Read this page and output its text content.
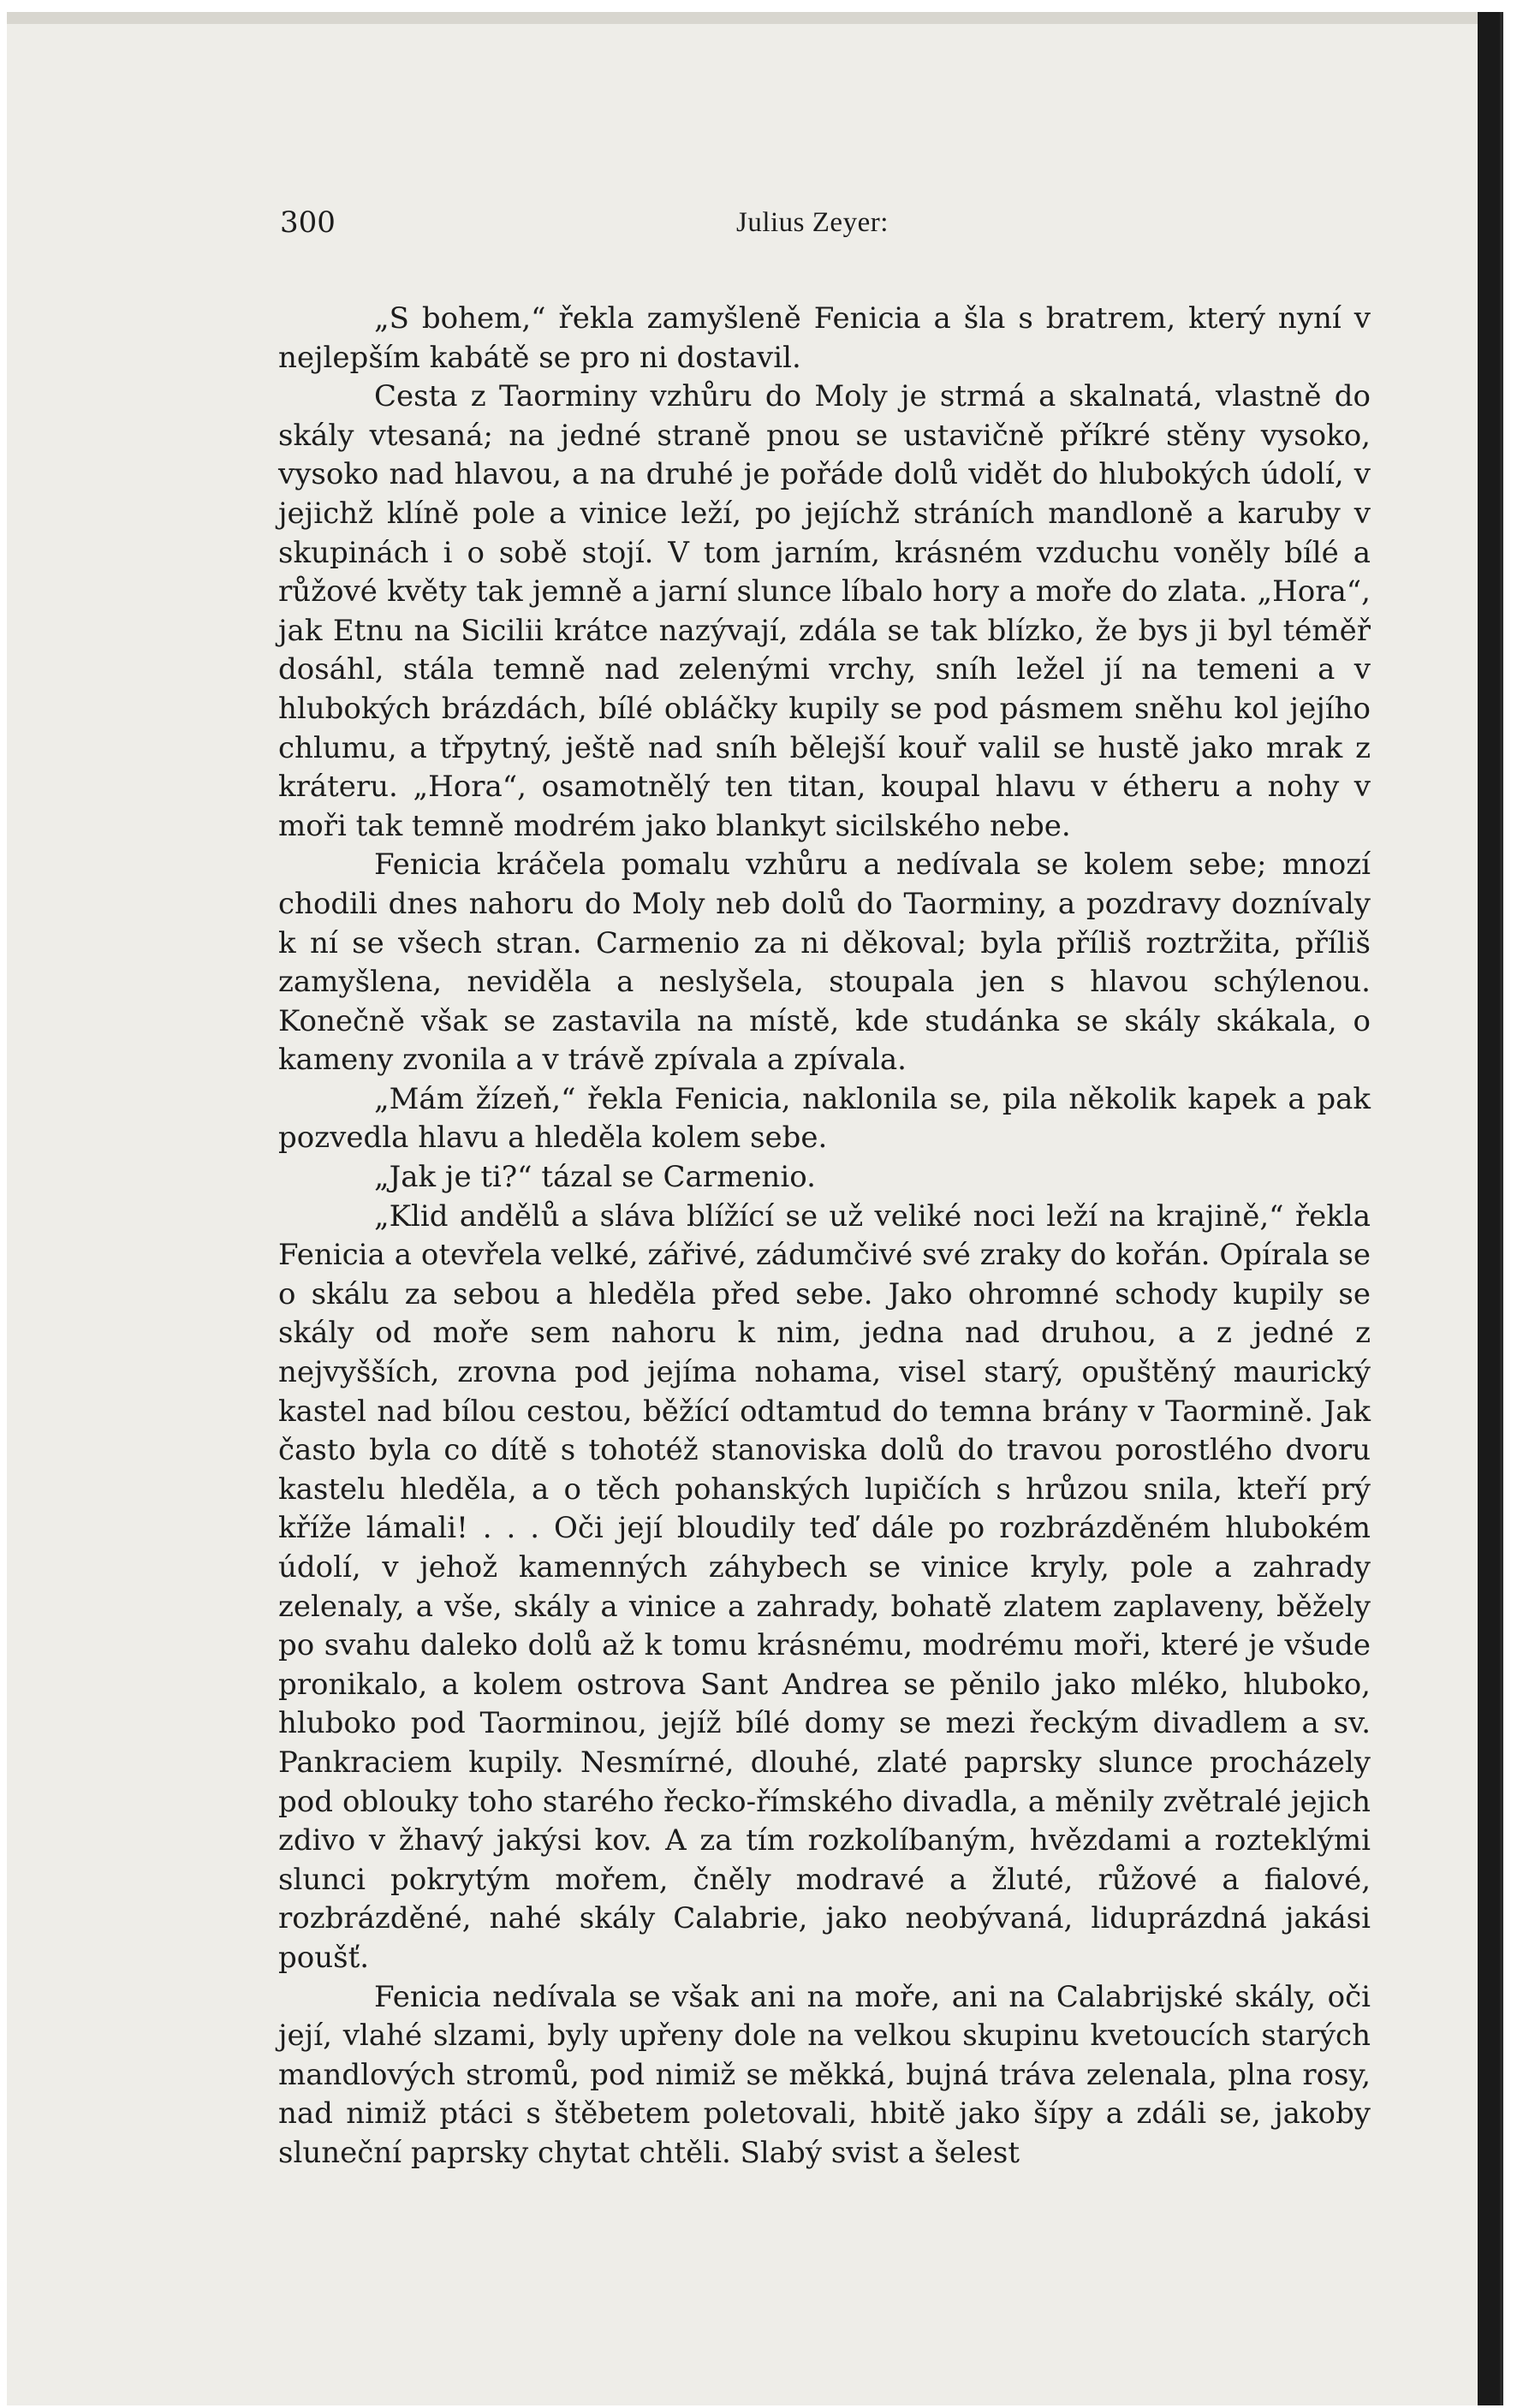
300	Julius Zeyer:

„S bohem,“ řekla zamyšleně Fenicia a šla s bratrem, který nyní v nejlepším kabátě se pro ni dostavil.

Cesta z Taorminy vzhůru do Moly je strmá a skalnatá, vlastně do skály vtesaná; na jedné straně pnou se ustavičně příkré stěny vysoko, vysoko nad hlavou, a na druhé je pořáde dolů vidět do hlubokých údolí, v jejichž klíně pole a vinice leží, po jejíchž stráních mandloně a karuby v skupinách i o sobě stojí. V tom jarním, krásném vzduchu voněly bílé a růžové květy tak jemně a jarní slunce líbalo hory a moře do zlata. „Hora“, jak Etnu na Sicilii krátce nazývají, zdála se tak blízko, že bys ji byl téměř dosáhl, stála temně nad zelenými vrchy, sníh ležel jí na temeni a v hlubokých brázdách, bílé obláčky kupily se pod pásmem sněhu kol jejího chlumu, a třpytný, ještě nad sníh bělejší kouř valil se hustě jako mrak z kráteru. „Hora“, osamotnělý ten titan, koupal hlavu v étheru a nohy v moři tak temně modrém jako blankyt sicilského nebe.

Fenicia kráčela pomalu vzhůru a nedívala se kolem sebe; mnozí chodili dnes nahoru do Moly neb dolů do Taorminy, a pozdravy doznívaly k ní se všech stran. Carmenio za ni děkoval; byla příliš roztržita, příliš zamyšlena, neviděla a neslyšela, stoupala jen s hlavou schýlenou. Konečně však se zastavila na místě, kde studánka se skály skákala, o kameny zvonila a v trávě zpívala a zpívala.

„Mám žízeň,“ řekla Fenicia, naklonila se, pila několik kapek a pak pozvedla hlavu a hleděla kolem sebe.

„Jak je ti?“ tázal se Carmenio.

„Klid andělů a sláva blížící se už veliké noci leží na krajině,“ řekla Fenicia a otevřela velké, zářivé, zádumčivé své zraky do kořán. Opírala se o skálu za sebou a hleděla před sebe. Jako ohromné schody kupily se skály od moře sem nahoru k nim, jedna nad druhou, a z jedné z nejvyšších, zrovna pod jejíma nohama, visel starý, opuštěný maurický kastel nad bílou cestou, běžící odtamtud do temna brány v Taormině. Jak často byla co dítě s tohotéž stanoviska dolů do travou porostlého dvoru kastelu hleděla, a o těch pohanských lupičích s hrůzou snila, kteří prý kříže lámali! . . . Oči její bloudily teď dále po rozbrázděném hlubokém údolí, v jehož kamenných záhybech se vinice kryly, pole a zahrady zelenaly, a vše, skály a vinice a zahrady, bohatě zlatem zaplaveny, běžely po svahu daleko dolů až k tomu krásnému, modrému moři, které je všude pronikalo, a kolem ostrova Sant Andrea se pěnilo jako mléko, hluboko, hluboko pod Taorminou, jejíž bílé domy se mezi řeckým divadlem a sv. Pankraciem kupily. Nesmírné, dlouhé, zlaté paprsky slunce procházely pod oblouky toho starého řecko-římského divadla, a měnily zvětralé jejich zdivo v žhavý jakýsi kov. A za tím rozkolíbaným, hvězdami a rozteklými slunci pokrytým mořem, čněly modravé a žluté, růžové a fialové, rozbrázděné, nahé skály Calabrie, jako neobývaná, liduprázdná jakási poušť.

Fenicia nedívala se však ani na moře, ani na Calabrijské skály, oči její, vlahé slzami, byly upřeny dole na velkou skupinu kvetoucích starých mandlových stromů, pod nimiž se měkká, bujná tráva zelenala, plna rosy, nad nimiž ptáci s štěbetem poletovali, hbitě jako šípy a zdáli se, jakoby sluneční paprsky chytat chtěli. Slabý svist a šelest
